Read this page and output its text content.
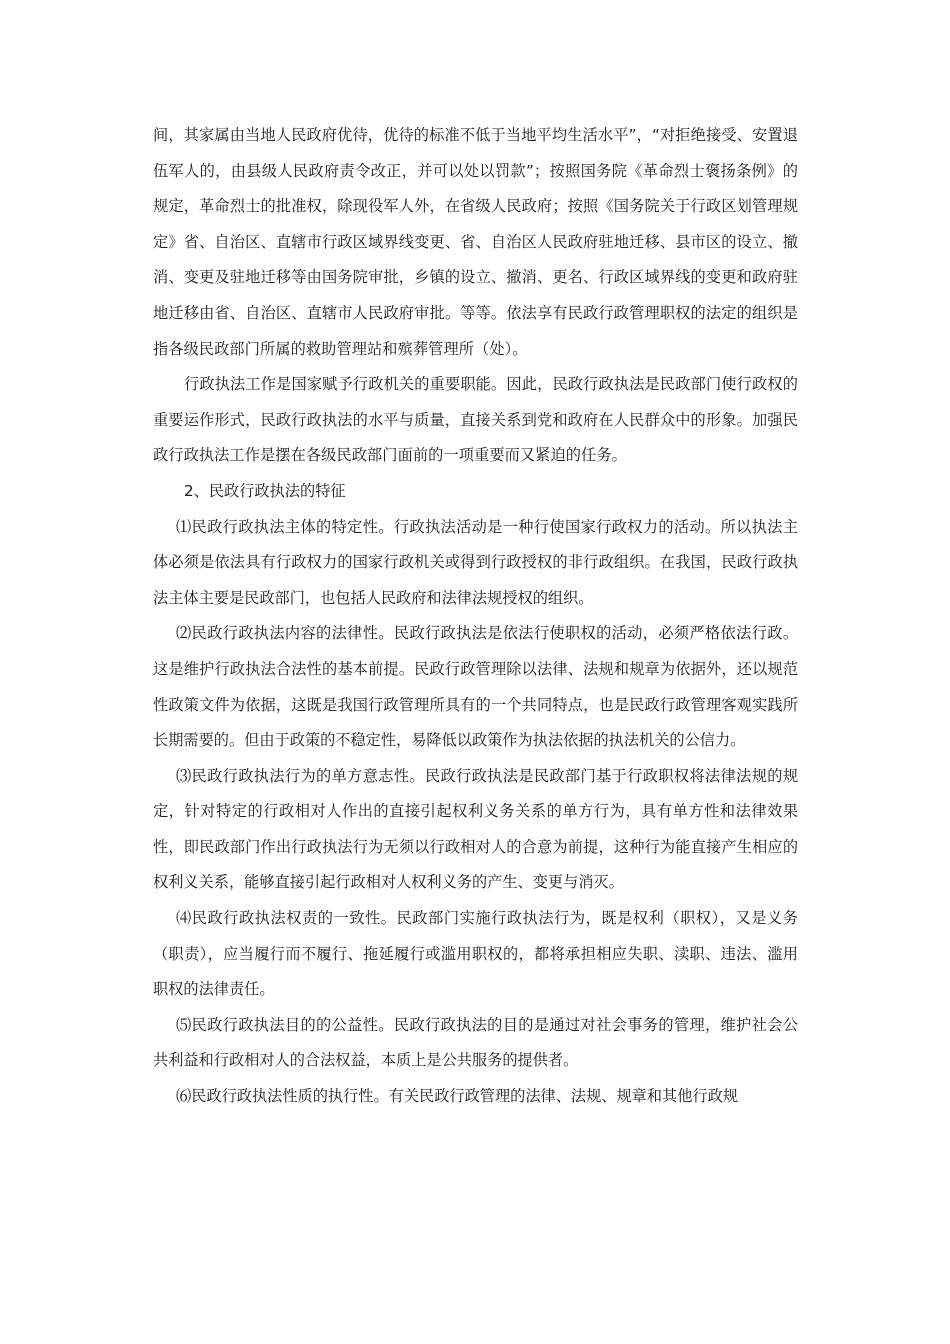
间，其家属由当地人民政府优待，优待的标准不低于当地平均生活水平”，“对拒绝接受、安置退伍军人的，由县级人民政府责令改正，并可以处以罚款”；按照国务院《革命烈士褒扬条例》的规定，革命烈士的批准权，除现役军人外，在省级人民政府；按照《国务院关于行政区划管理规定》省、自治区、直辖市行政区域界线变更、省、自治区人民政府驻地迁移、县市区的设立、撤消、变更及驻地迁移等由国务院审批，乡镇的设立、撤消、更名、行政区域界线的变更和政府驻地迁移由省、自治区、直辖市人民政府审批。等等。依法享有民政行政管理职权的法定的组织是指各级民政部门所属的救助管理站和殡葬管理所（处）。

行政执法工作是国家赋予行政机关的重要职能。因此，民政行政执法是民政部门使行政权的重要运作形式，民政行政执法的水平与质量，直接关系到党和政府在人民群众中的形象。加强民政行政执法工作是摆在各级民政部门面前的一项重要而又紧迫的任务。

2、民政行政执法的特征

⑴民政行政执法主体的特定性。行政执法活动是一种行使国家行政权力的活动。所以执法主体必须是依法具有行政权力的国家行政机关或得到行政授权的非行政组织。在我国，民政行政执法主体主要是民政部门，也包括人民政府和法律法规授权的组织。

⑵民政行政执法内容的法律性。民政行政执法是依法行使职权的活动，必须严格依法行政。这是维护行政执法合法性的基本前提。民政行政管理除以法律、法规和规章为依据外，还以规范性政策文件为依据，这既是我国行政管理所具有的一个共同特点，也是民政行政管理客观实践所长期需要的。但由于政策的不稳定性，易降低以政策作为执法依据的执法机关的公信力。

⑶民政行政执法行为的单方意志性。民政行政执法是民政部门基于行政职权将法律法规的规定，针对特定的行政相对人作出的直接引起权利义务关系的单方行为，具有单方性和法律效果性，即民政部门作出行政执法行为无须以行政相对人的合意为前提，这种行为能直接产生相应的权利义关系，能够直接引起行政相对人权利义务的产生、变更与消灭。

⑷民政行政执法权责的一致性。民政部门实施行政执法行为，既是权利（职权），又是义务（职责），应当履行而不履行、拖延履行或滥用职权的，都将承担相应失职、渎职、违法、滥用职权的法律责任。

⑸民政行政执法目的的公益性。民政行政执法的目的是通过对社会事务的管理，维护社会公共利益和行政相对人的合法权益，本质上是公共服务的提供者。

⑹民政行政执法性质的执行性。有关民政行政管理的法律、法规、规章和其他行政规
